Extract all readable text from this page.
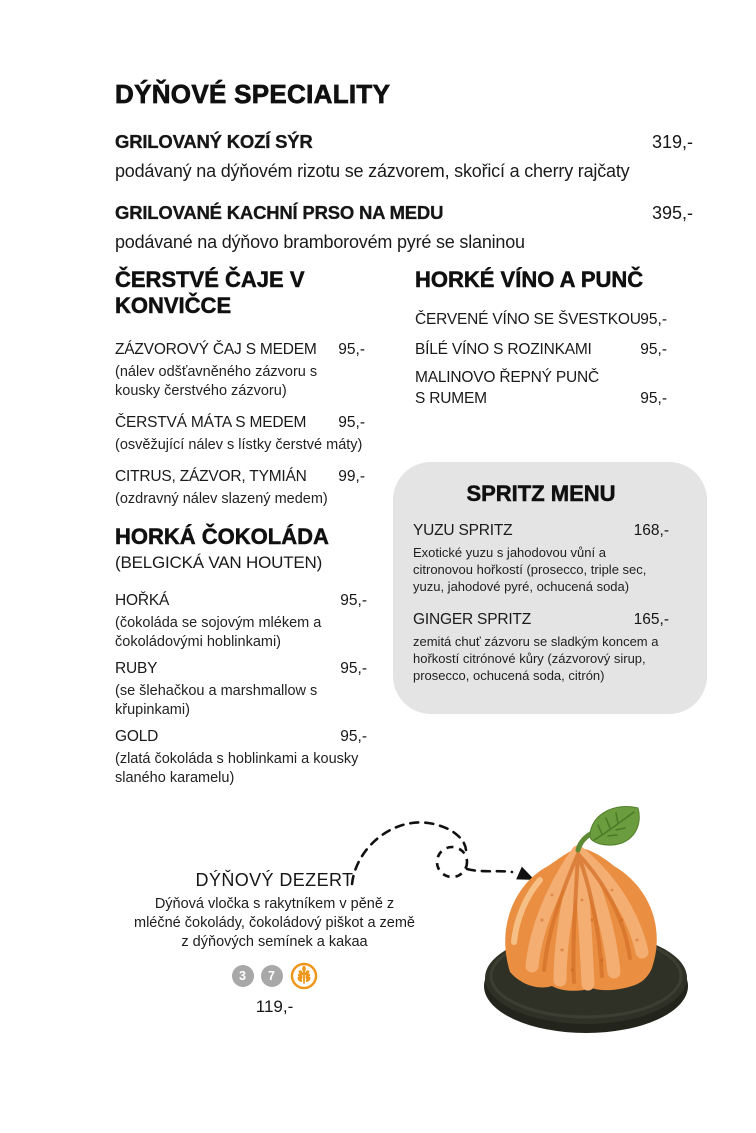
DÝŇOVÉ SPECIALITY
GRILOVANÝ KOZÍ SÝR	319,-
podávaný na dýňovém rizotu se zázvorem, skořicí a cherry rajčaty
GRILOVANÉ KACHNÍ PRSO NA MEDU	395,-
podávané na dýňovo bramborovém pyré se slaninou
ČERSTVÉ ČAJE V
KONVIČCE
ZÁZVOROVÝ ČAJ S MEDEM 95,-
(nálev odšťavněného zázvoru s
kousky čerstvého zázvoru)
ČERSTVÁ MÁTA S MEDEM 95,-
(osvěžující nálev s lístky čerstvé máty)
CITRUS, ZÁZVOR, TYMIÁN 99,-
(ozdravný nálev slazený medem)
HORKÉ VÍNO A PUNČ
ČERVENÉ VÍNO SE ŠVESTKOU 95,-
BÍLÉ VÍNO S ROZINKAMI	95,-
MALINOVO ŘEPNÝ PUNČ
S RUMEM	95,-
HORKÁ ČOKOLÁDA
(BELGICKÁ VAN HOUTEN)
HOŘKÁ	95,-
(čokoláda se sojovým mlékem a
čokoládovými hoblinkami)
RUBY	95,-
(se šlehačkou a marshmallow s
křupinkami)
GOLD	95,-
(zlatá čokoláda s hoblinkami a kousky
slaného karamelu)
SPRITZ MENU
YUZU SPRITZ	168,-
Exotické yuzu s jahodovou vůní a
citronovou hořkostí (prosecco, triple sec,
yuzu, jahodové pyré, ochucená soda)
GINGER SPRITZ	165,-
zemitá chuť zázvoru se sladkým koncem a
hořkostí citrónové kůry (zázvorový sirup,
prosecco, ochucená soda, citrón)
DÝŇOVÝ DEZERT
Dýňová vločka s rakytníkem v pěně z
mléčné čokolády, čokoládový piškot a země
z dýňových semínek a kakaa
3	7
119,-
